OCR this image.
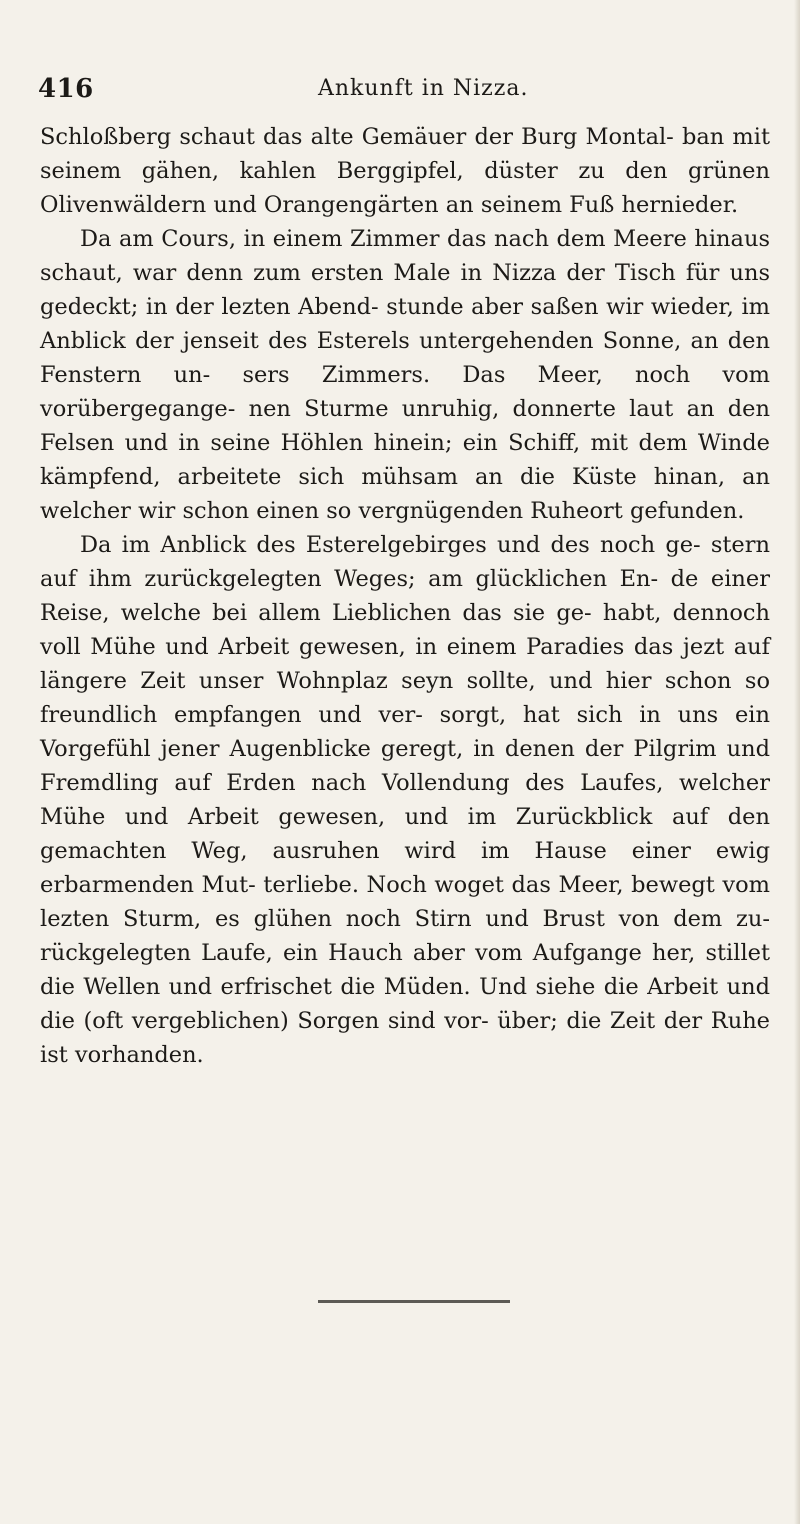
416	Ankunft in Nizza.

Schloßberg schaut das alte Gemäuer der Burg Montal- ban mit seinem gähen, kahlen Berggipfel, düster zu den grünen Olivenwäldern und Orangengärten an seinem Fuß hernieder.

Da am Cours, in einem Zimmer das nach dem Meere hinaus schaut, war denn zum ersten Male in Nizza der Tisch für uns gedeckt; in der lezten Abend- stunde aber saßen wir wieder, im Anblick der jenseit des Esterels untergehenden Sonne, an den Fenstern un- sers Zimmers. Das Meer, noch vom vorübergegange- nen Sturme unruhig, donnerte laut an den Felsen und in seine Höhlen hinein; ein Schiff, mit dem Winde kämpfend, arbeitete sich mühsam an die Küste hinan, an welcher wir schon einen so vergnügenden Ruheort gefunden.

Da im Anblick des Esterelgebirges und des noch ge- stern auf ihm zurückgelegten Weges; am glücklichen En- de einer Reise, welche bei allem Lieblichen das sie ge- habt, dennoch voll Mühe und Arbeit gewesen, in einem Paradies das jezt auf längere Zeit unser Wohnplaz seyn sollte, und hier schon so freundlich empfangen und ver- sorgt, hat sich in uns ein Vorgefühl jener Augenblicke geregt, in denen der Pilgrim und Fremdling auf Erden nach Vollendung des Laufes, welcher Mühe und Arbeit gewesen, und im Zurückblick auf den gemachten Weg, ausruhen wird im Hause einer ewig erbarmenden Mut- terliebe. Noch woget das Meer, bewegt vom lezten Sturm, es glühen noch Stirn und Brust von dem zu- rückgelegten Laufe, ein Hauch aber vom Aufgange her, stillet die Wellen und erfrischet die Müden. Und siehe die Arbeit und die (oft vergeblichen) Sorgen sind vor- über; die Zeit der Ruhe ist vorhanden.
